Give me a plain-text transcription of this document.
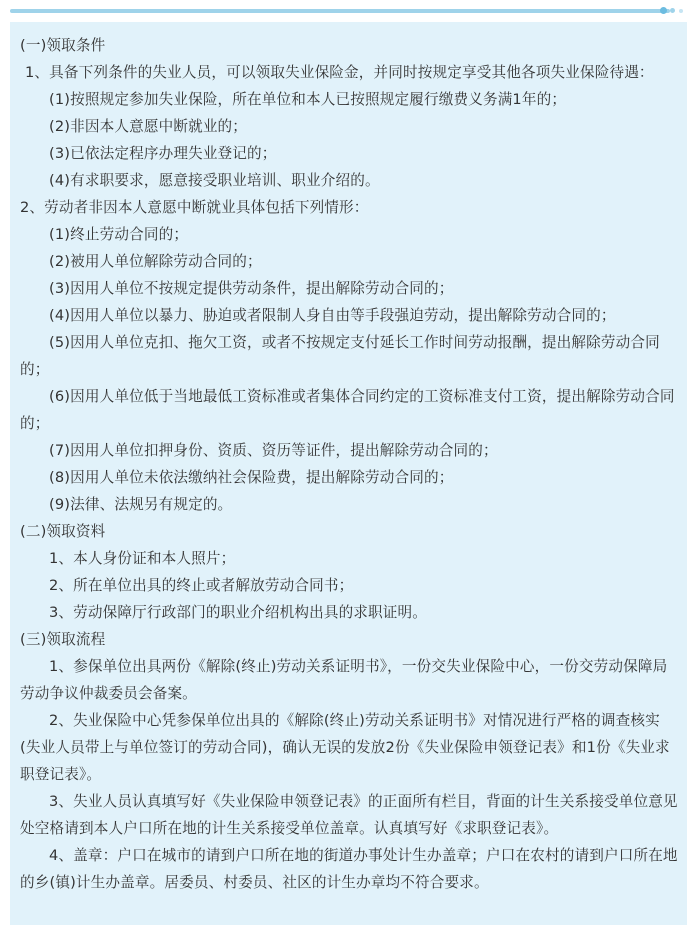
(一)领取条件

1、具备下列条件的失业人员，可以领取失业保险金，并同时按规定享受其他各项失业保险待遇：

(1)按照规定参加失业保险，所在单位和本人已按照规定履行缴费义务满1年的；

(2)非因本人意愿中断就业的；

(3)已依法定程序办理失业登记的；

(4)有求职要求，愿意接受职业培训、职业介绍的。

2、劳动者非因本人意愿中断就业具体包括下列情形：

(1)终止劳动合同的；

(2)被用人单位解除劳动合同的；

(3)因用人单位不按规定提供劳动条件，提出解除劳动合同的；

(4)因用人单位以暴力、胁迫或者限制人身自由等手段强迫劳动，提出解除劳动合同的；

(5)因用人单位克扣、拖欠工资，或者不按规定支付延长工作时间劳动报酬，提出解除劳动合同的；

(6)因用人单位低于当地最低工资标准或者集体合同约定的工资标准支付工资，提出解除劳动合同的；

(7)因用人单位扣押身份、资质、资历等证件，提出解除劳动合同的；

(8)因用人单位未依法缴纳社会保险费，提出解除劳动合同的；

(9)法律、法规另有规定的。

(二)领取资料

1、本人身份证和本人照片；

2、所在单位出具的终止或者解放劳动合同书；

3、劳动保障厅行政部门的职业介绍机构出具的求职证明。

(三)领取流程

1、参保单位出具两份《解除(终止)劳动关系证明书》，一份交失业保险中心，一份交劳动保障局劳动争议仲裁委员会备案。

2、失业保险中心凭参保单位出具的《解除(终止)劳动关系证明书》对情况进行严格的调查核实(失业人员带上与单位签订的劳动合同)，确认无误的发放2份《失业保险申领登记表》和1份《失业求职登记表》。

3、失业人员认真填写好《失业保险申领登记表》的正面所有栏目，背面的计生关系接受单位意见处空格请到本人户口所在地的计生关系接受单位盖章。认真填写好《求职登记表》。

4、盖章：户口在城市的请到户口所在地的街道办事处计生办盖章；户口在农村的请到户口所在地的乡(镇)计生办盖章。居委员、村委员、社区的计生办章均不符合要求。
